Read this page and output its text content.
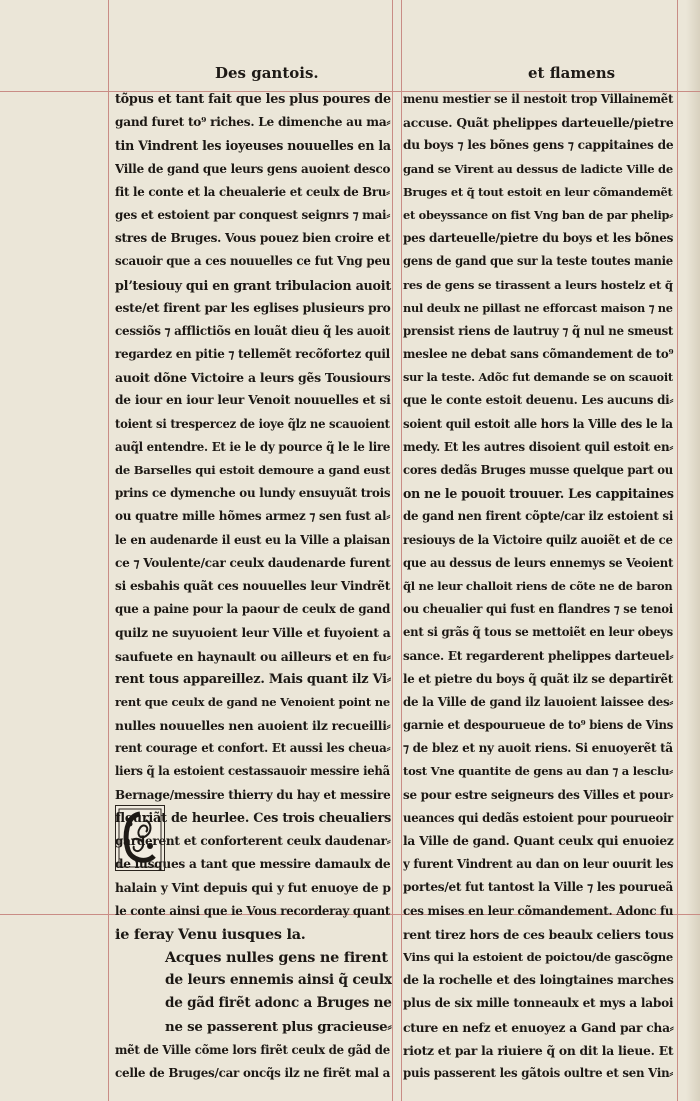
Des gantois.	et flamens
tõpus et tant fait que les plus poures de
gand furet to⁹ riches. Le dimenche au ma⸗
tin Vindrent les ioyeuses nouuelles en la
Ville de gand que leurs gens auoient desco
fit le conte et la cheualerie et ceulx de Bru⸗
ges et estoient par conquest seignrs ⁊ mai⸗
stres de Bruges. Vous pouez bien croire et
scauoir que a ces nouuelles ce fut Vng peu
plʼtesiouy qui en grant tribulacion auoit
este/et firent par les eglises plusieurs pro
cessiõs ⁊ afflictiõs en louãt dieu q̃ les auoit
regardez en pitie ⁊ tellemẽt recõfortez quil
auoit dõne Victoire a leurs gẽs Tousiours
de iour en iour leur Venoit nouuelles et si
toient si trespercez de ioye q̃lz ne scauoient
auq̃l entendre. Et ie le dy pource q̃ le le lire
de Barselles qui estoit demoure a gand eust
prins ce dymenche ou lundy ensuyuãt trois
ou quatre mille hõmes armez ⁊ sen fust al⸗
le en audenarde il eust eu la Ville a plaisan
ce ⁊ Voulente/car ceulx daudenarde furent
si esbahis quãt ces nouuelles leur Vindrẽt
que a paine pour la paour de ceulx de gand
quilz ne suyuoient leur Ville et fuyoient a
saufuete en haynault ou ailleurs et en fu⸗
rent tous appareillez. Mais quant ilz Vi⸗
rent que ceulx de gand ne Venoient point ne
nulles nouuelles nen auoient ilz recueilli⸗
rent courage et confort. Et aussi les cheua⸗
liers q̃ la estoient cestassauoir messire iehã
Bernage/messire thierry du hay et messire
fleuriãt de heurlee. Ces trois cheualiers
garderent et conforterent ceulx daudenar⸗
de iusques a tant que messire damaulx de
halain y Vint depuis qui y fut enuoye de p
le conte ainsi que ie Vous recorderay quant
ie feray Venu iusques la.
Acques nulles gens ne firent
de leurs ennemis ainsi q̃ ceulx
de gãd firẽt adonc a Bruges ne
ne se passerent plus gracieuse⸗
mẽt de Ville cõme lors firẽt ceulx de gãd de
celle de Bruges/car oncq̃s ilz ne firẽt mal a
menu mestier se il nestoit trop Villainemẽt
accuse. Quãt phelippes darteuelle/pietre
du boys ⁊ les bõnes gens ⁊ cappitaines de
gand se Virent au dessus de ladicte Ville de
Bruges et q̃ tout estoit en leur cõmandemẽt
et obeyssance on fist Vng ban de par phelip⸗
pes darteuelle/pietre du boys et les bõnes
gens de gand que sur la teste toutes manie
res de gens se tirassent a leurs hostelz et q̃
nul deulx ne pillast ne efforcast maison ⁊ ne
prensist riens de lautruy ⁊ q̃ nul ne smeust
meslee ne debat sans cõmandement de to⁹
sur la teste. Adõc fut demande se on scauoit
que le conte estoit deuenu. Les aucuns di⸗
soient quil estoit alle hors la Ville des le la
medy. Et les autres disoient quil estoit en⸗
cores dedãs Bruges musse quelque part ou
on ne le pouoit trouuer. Les cappitaines
de gand nen firent cõpte/car ilz estoient si
resiouys de la Victoire quilz auoiẽt et de ce
que au dessus de leurs ennemys se Veoient
q̃l ne leur challoit riens de cõte ne de baron
ou cheualier qui fust en flandres ⁊ se tenoi
ent si grãs q̃ tous se mettoiẽt en leur obeys
sance. Et regarderent phelippes darteuel⸗
le et pietre du boys q̃ quãt ilz se departirẽt
de la Ville de gand ilz lauoient laissee des⸗
garnie et despourueue de to⁹ biens de Vins
⁊ de blez et ny auoit riens. Si enuoyerẽt tã
tost Vne quantite de gens au dan ⁊ a lesclu⸗
se pour estre seigneurs des Villes et pour⸗
ueances qui dedãs estoient pour pourueoir
la Ville de gand. Quant ceulx qui enuoiez
y furent Vindrent au dan on leur ouurit les
portes/et fut tantost la Ville ⁊ les pourueã
ces mises en leur cõmandement. Adonc fu
rent tirez hors de ces beaulx celiers tous
Vins qui la estoient de poictou/de gascõgne
de la rochelle et des loingtaines marches
plus de six mille tonneaulx et mys a laboi
cture en nefz et enuoyez a Gand par cha⸗
riotz et par la riuiere q̃ on dit la lieue. Et
puis passerent les gãtois oultre et sen Vin⸗
